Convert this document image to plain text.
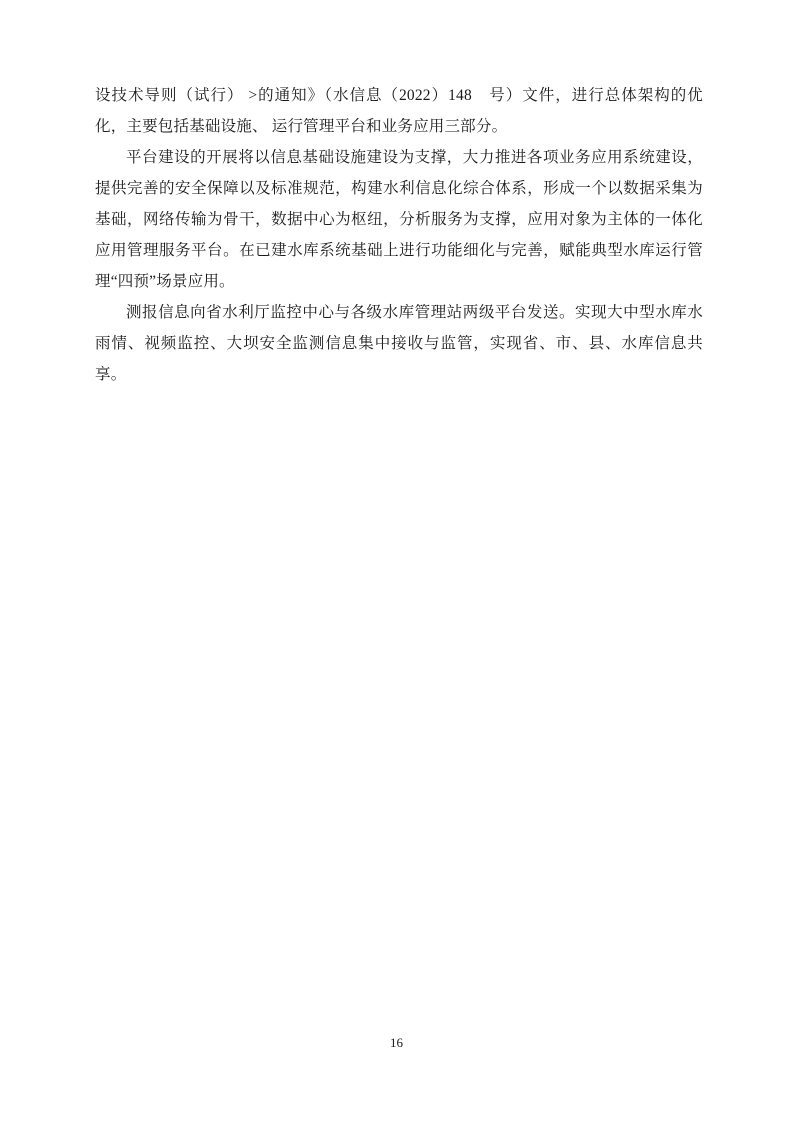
设技术导则（试行） >的通知》（水信息（2022）148　号）文件，进行总体架构的优化，主要包括基础设施、 运行管理平台和业务应用三部分。

平台建设的开展将以信息基础设施建设为支撑，大力推进各项业务应用系统建设，提供完善的安全保障以及标准规范，构建水利信息化综合体系，形成一个以数据采集为基础，网络传输为骨干，数据中心为枢纽，分析服务为支撑，应用对象为主体的一体化应用管理服务平台。在已建水库系统基础上进行功能细化与完善，赋能典型水库运行管理“四预”场景应用。

测报信息向省水利厅监控中心与各级水库管理站两级平台发送。实现大中型水库水雨情、视频监控、大坝安全监测信息集中接收与监管，实现省、市、县、水库信息共享。

16
